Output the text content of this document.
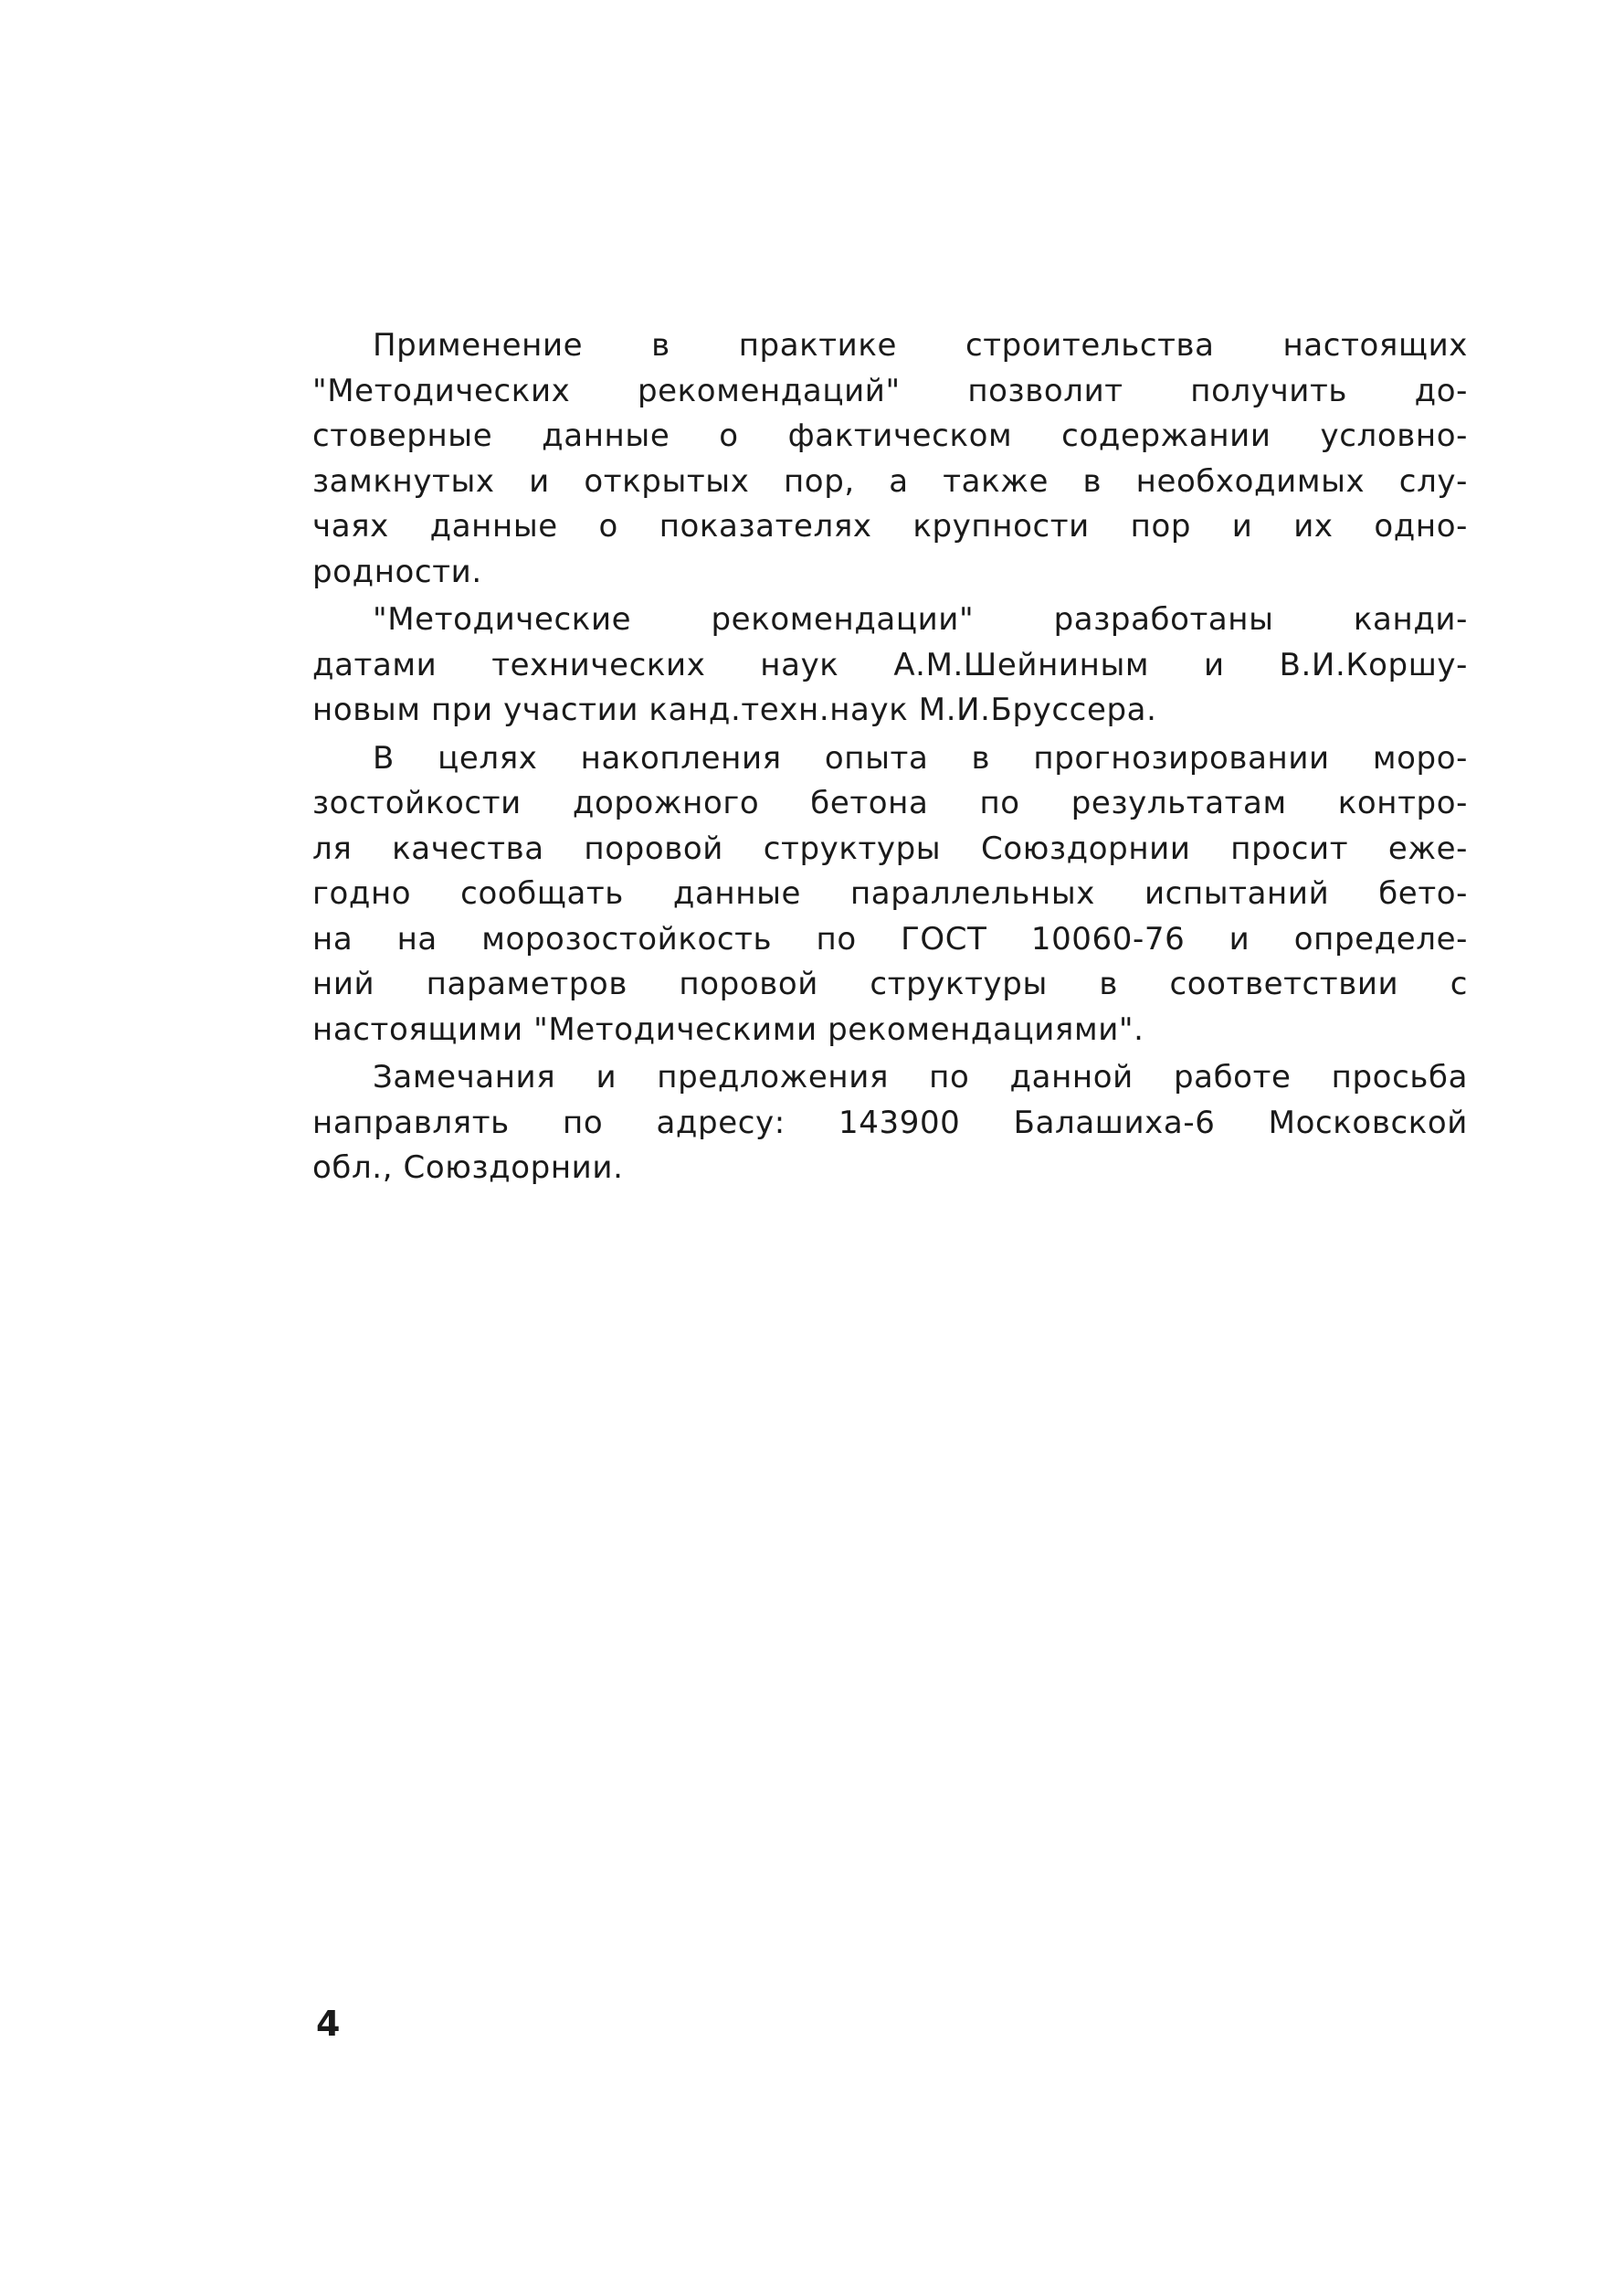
Применение в практике строительства настоящих
"Методических рекомендаций" позволит получить до-
стоверные данные о фактическом содержании условно-
замкнутых и открытых пор, а также в необходимых слу-
чаях данные о показателях крупности пор и их одно-
родности.
"Методические рекомендации" разработаны канди-
датами технических наук А.М.Шейниным и В.И.Коршу-
новым при участии канд.техн.наук М.И.Бруссера.
В целях накопления опыта в прогнозировании моро-
зостойкости дорожного бетона по результатам контро-
ля качества поровой структуры Союздорнии просит еже-
годно сообщать данные параллельных испытаний бето-
на на морозостойкость по ГОСТ 10060-76 и определе-
ний параметров поровой структуры в соответствии с
настоящими "Методическими рекомендациями".
Замечания и предложения по данной работе просьба
направлять по адресу: 143900 Балашиха-6 Московской
обл., Союздорнии.
4
